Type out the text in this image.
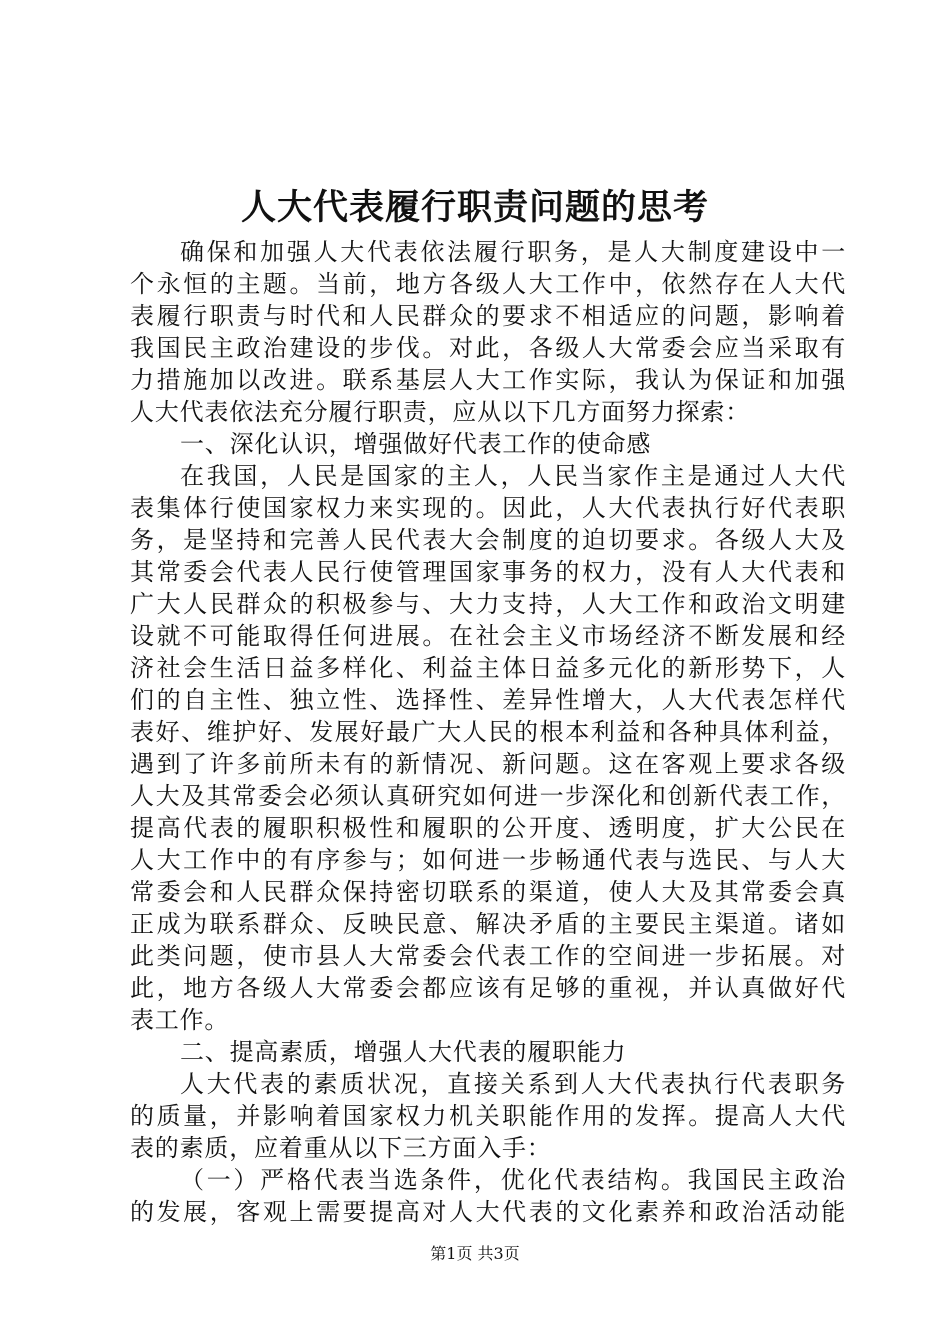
人大代表履行职责问题的思考
确保和加强人大代表依法履行职务，是人大制度建设中一
个永恒的主题。当前，地方各级人大工作中，依然存在人大代
表履行职责与时代和人民群众的要求不相适应的问题，影响着
我国民主政治建设的步伐。对此，各级人大常委会应当采取有
力措施加以改进。联系基层人大工作实际，我认为保证和加强
人大代表依法充分履行职责，应从以下几方面努力探索：
一、深化认识，增强做好代表工作的使命感
在我国，人民是国家的主人，人民当家作主是通过人大代
表集体行使国家权力来实现的。因此，人大代表执行好代表职
务，是坚持和完善人民代表大会制度的迫切要求。各级人大及
其常委会代表人民行使管理国家事务的权力，没有人大代表和
广大人民群众的积极参与、大力支持，人大工作和政治文明建
设就不可能取得任何进展。在社会主义市场经济不断发展和经
济社会生活日益多样化、利益主体日益多元化的新形势下，人
们的自主性、独立性、选择性、差异性增大，人大代表怎样代
表好、维护好、发展好最广大人民的根本利益和各种具体利益，
遇到了许多前所未有的新情况、新问题。这在客观上要求各级
人大及其常委会必须认真研究如何进一步深化和创新代表工作，
提高代表的履职积极性和履职的公开度、透明度，扩大公民在
人大工作中的有序参与；如何进一步畅通代表与选民、与人大
常委会和人民群众保持密切联系的渠道，使人大及其常委会真
正成为联系群众、反映民意、解决矛盾的主要民主渠道。诸如
此类问题，使市县人大常委会代表工作的空间进一步拓展。对
此，地方各级人大常委会都应该有足够的重视，并认真做好代
表工作。
二、提高素质，增强人大代表的履职能力
人大代表的素质状况，直接关系到人大代表执行代表职务
的质量，并影响着国家权力机关职能作用的发挥。提高人大代
表的素质，应着重从以下三方面入手：
（一）严格代表当选条件，优化代表结构。我国民主政治
的发展，客观上需要提高对人大代表的文化素养和政治活动能
第1页 共3页
